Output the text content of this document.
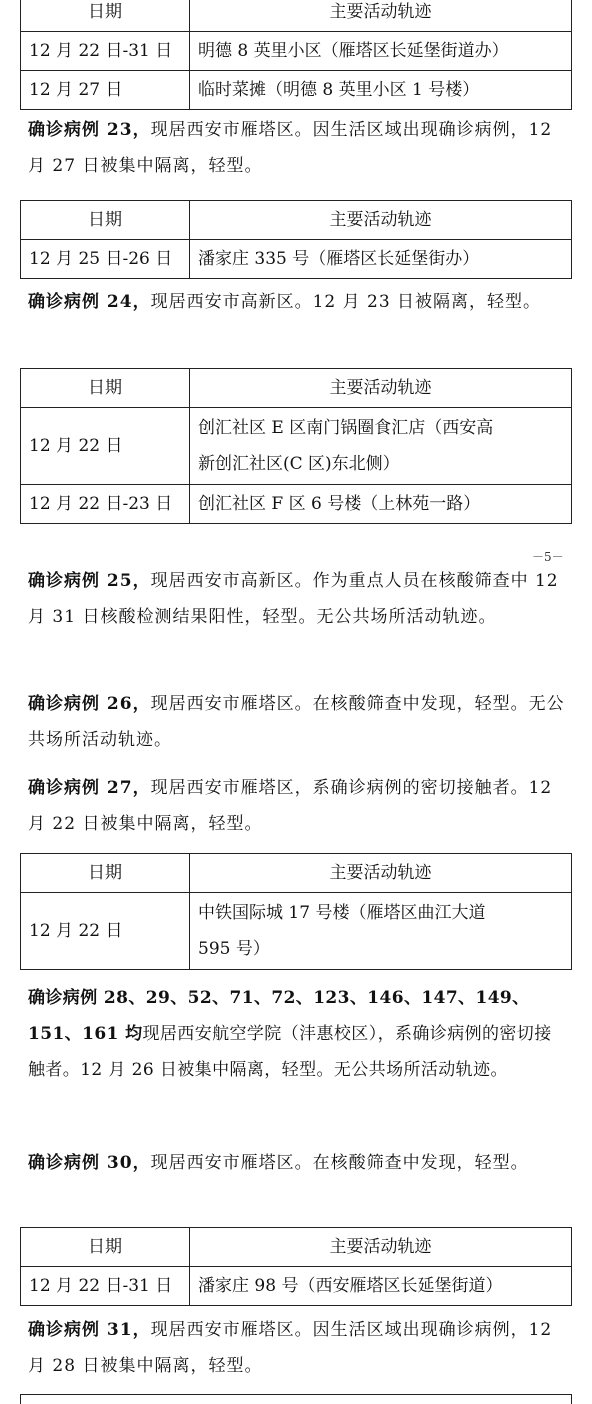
日期	主要活动轨迹
12 月 22 日-31 日	明德 8 英里小区（雁塔区长延堡街道办）
12 月 27 日	临时菜摊（明德 8 英里小区 1 号楼）

确诊病例 23，现居西安市雁塔区。因生活区域出现确诊病例，12 月 27 日被集中隔离，轻型。

日期	主要活动轨迹
12 月 25 日-26 日	潘家庄 335 号（雁塔区长延堡街办）

确诊病例 24，现居西安市高新区。12 月 23 日被隔离，轻型。

日期	主要活动轨迹
12 月 22 日	创汇社区 E 区南门锅圈食汇店（西安高
新创汇社区(C 区)东北侧）
12 月 22 日-23 日	创汇社区 F 区 6 号楼（上林苑一路）
－5－

确诊病例 25，现居西安市高新区。作为重点人员在核酸筛查中 12 月 31 日核酸检测结果阳性，轻型。无公共场所活动轨迹。

确诊病例 26，现居西安市雁塔区。在核酸筛查中发现，轻型。无公共场所活动轨迹。

确诊病例 27，现居西安市雁塔区，系确诊病例的密切接触者。12 月 22 日被集中隔离，轻型。

日期	主要活动轨迹
12 月 22 日	中铁国际城 17 号楼（雁塔区曲江大道
595 号）

确诊病例 28、29、52、71、72、123、146、147、149、151、161 均现居西安航空学院（沣惠校区），系确诊病例的密切接触者。12 月 26 日被集中隔离，轻型。无公共场所活动轨迹。

确诊病例 30，现居西安市雁塔区。在核酸筛查中发现，轻型。

日期	主要活动轨迹
12 月 22 日-31 日	潘家庄 98 号（西安雁塔区长延堡街道）

确诊病例 31，现居西安市雁塔区。因生活区域出现确诊病例，12 月 28 日被集中隔离，轻型。
